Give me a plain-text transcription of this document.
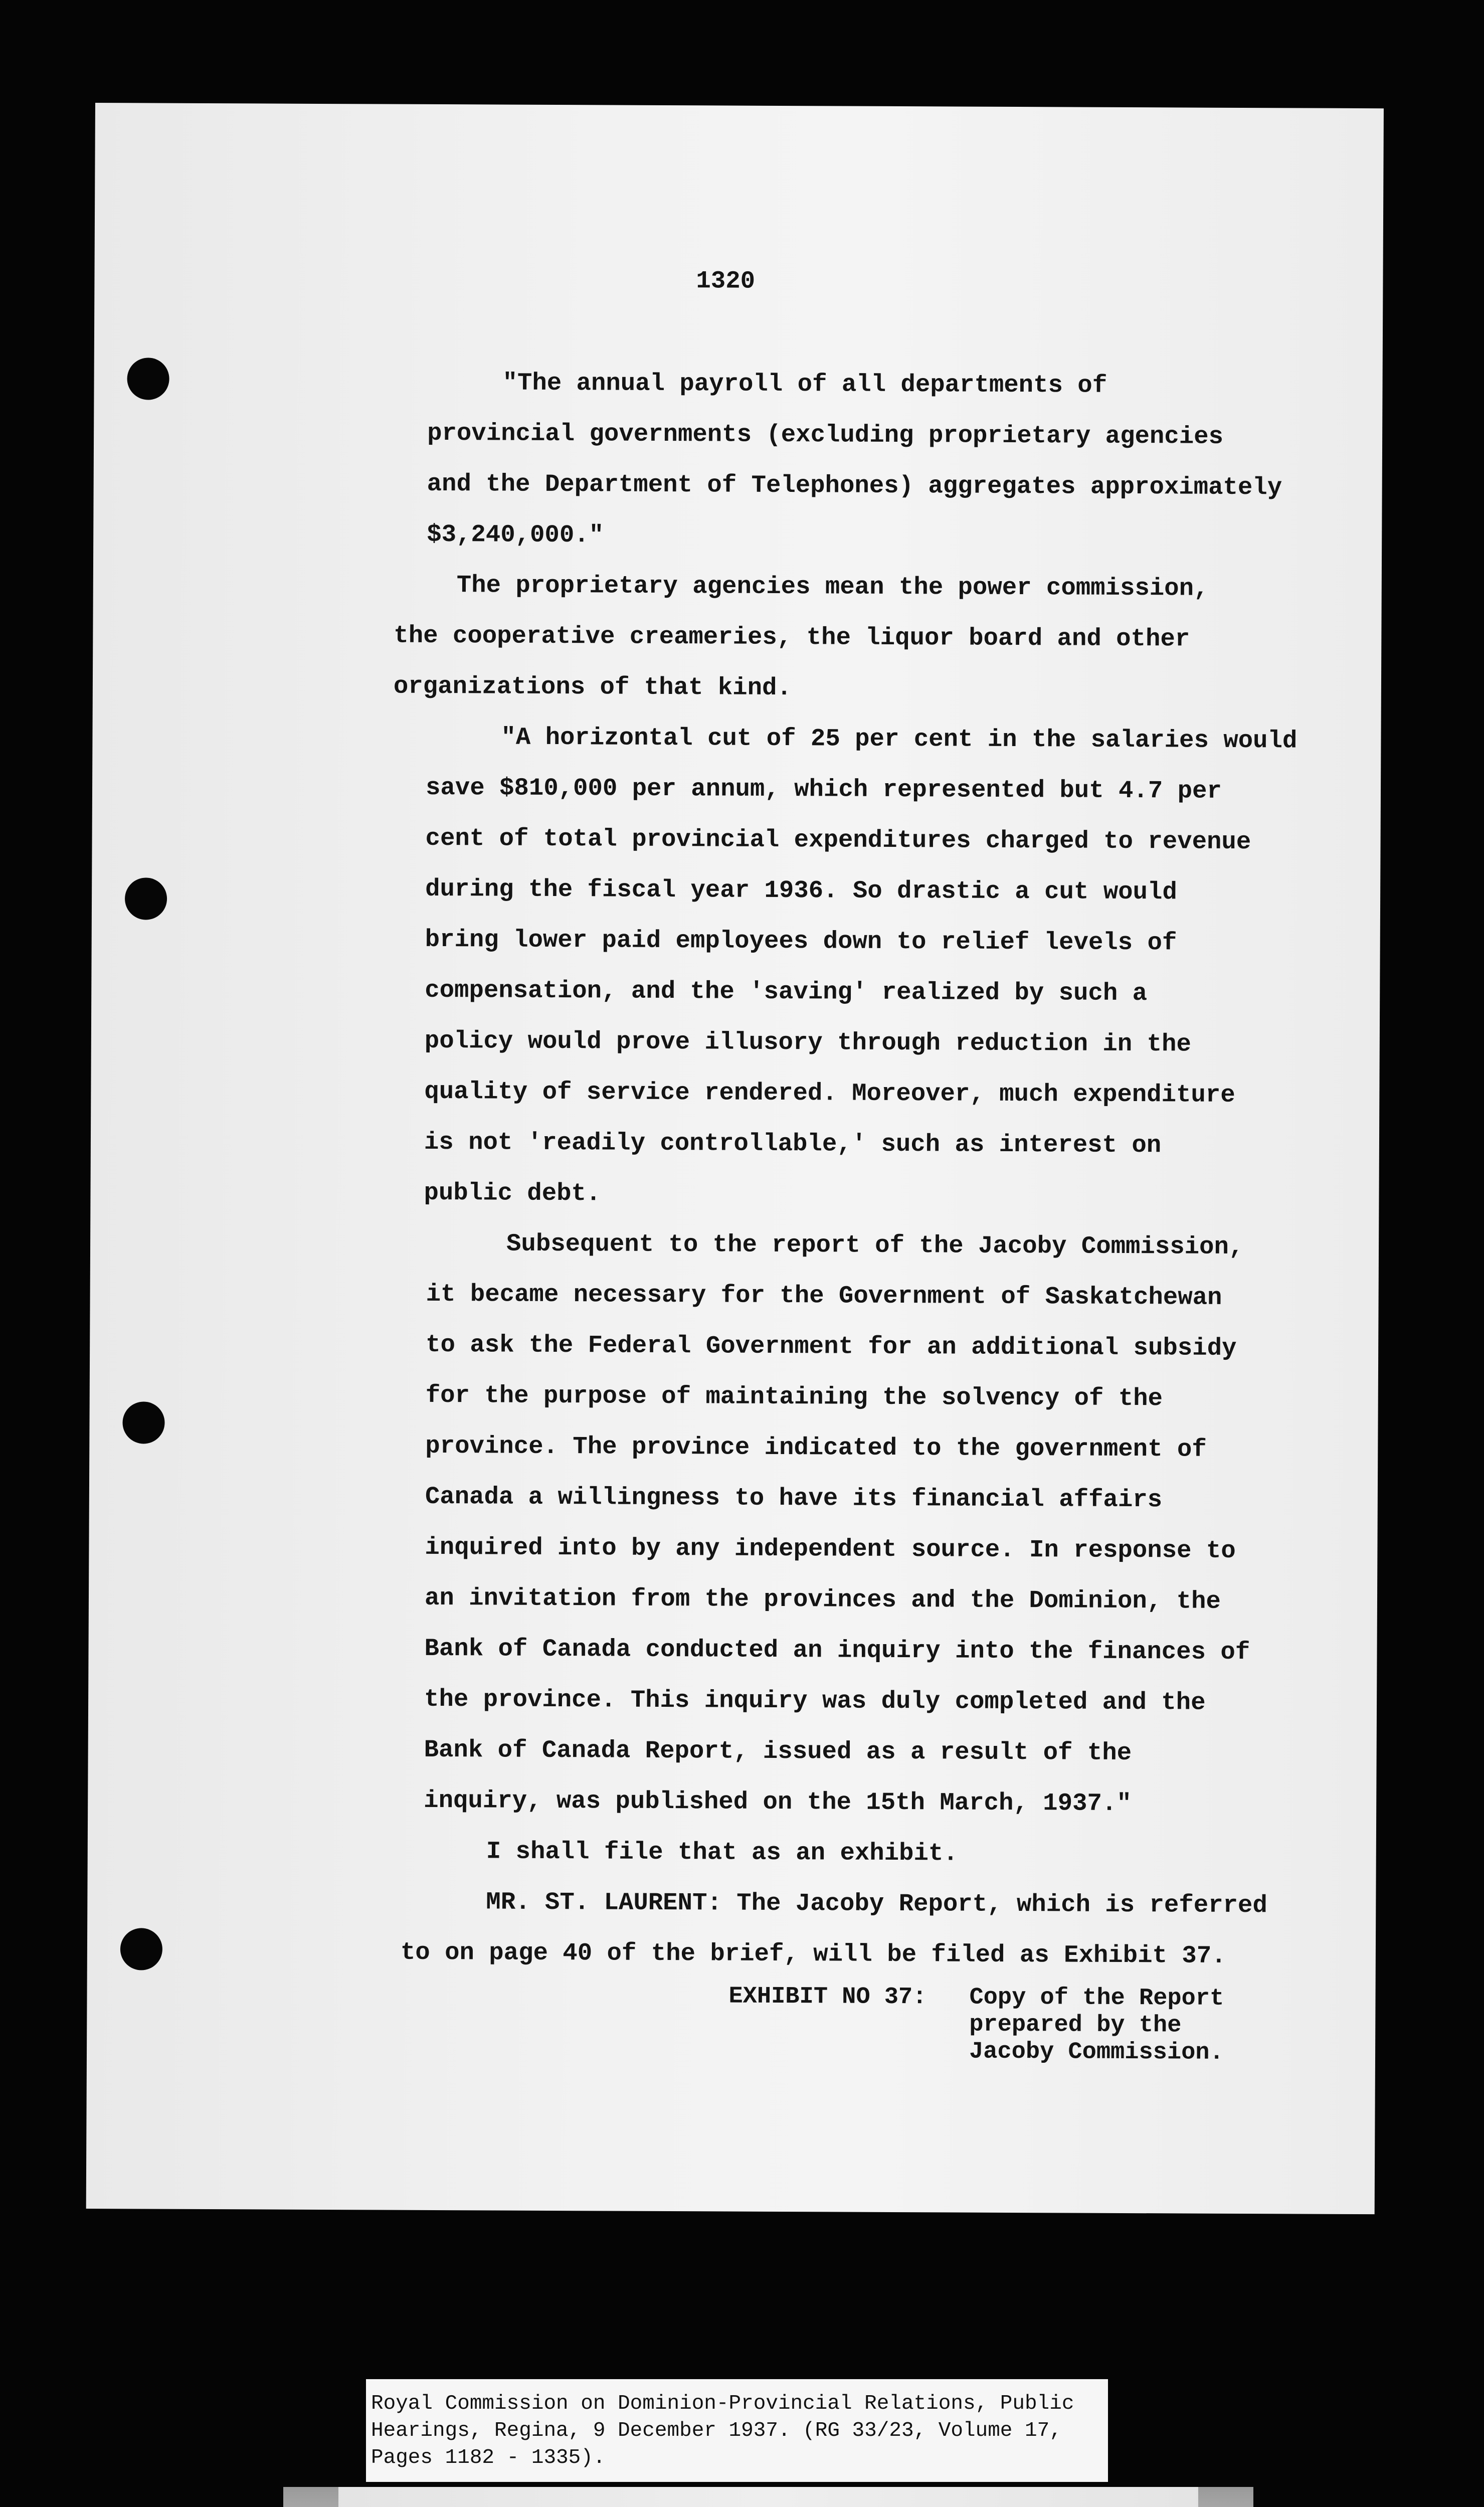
1320
"The annual payroll of all departments of
provincial governments (excluding proprietary agencies
and the Department of Telephones) aggregates approximately
$3,240,000."
The proprietary agencies mean the power commission,
the cooperative creameries, the liquor board and other
organizations of that kind.
"A horizontal cut of 25 per cent in the salaries would
save $810,000 per annum, which represented but 4.7 per
cent of total provincial expenditures charged to revenue
during the fiscal year 1936. So drastic a cut would
bring lower paid employees down to relief levels of
compensation, and the 'saving' realized by such a
policy would prove illusory through reduction in the
quality of service rendered. Moreover, much expenditure
is not 'readily controllable,' such as interest on
public debt.
Subsequent to the report of the Jacoby Commission,
it became necessary for the Government of Saskatchewan
to ask the Federal Government for an additional subsidy
for the purpose of maintaining the solvency of the
province. The province indicated to the government of
Canada a willingness to have its financial affairs
inquired into by any independent source. In response to
an invitation from the provinces and the Dominion, the
Bank of Canada conducted an inquiry into the finances of
the province. This inquiry was duly completed and the
Bank of Canada Report, issued as a result of the
inquiry, was published on the 15th March, 1937."
I shall file that as an exhibit.
MR. ST. LAURENT: The Jacoby Report, which is referred
to on page 40 of the brief, will be filed as Exhibit 37.
EXHIBIT NO 37: Copy of the Report
prepared by the
Jacoby Commission.

Royal Commission on Dominion-Provincial Relations, Public

Hearings, Regina, 9 December 1937. (RG 33/23, Volume 17,

Pages 1182 - 1335).
